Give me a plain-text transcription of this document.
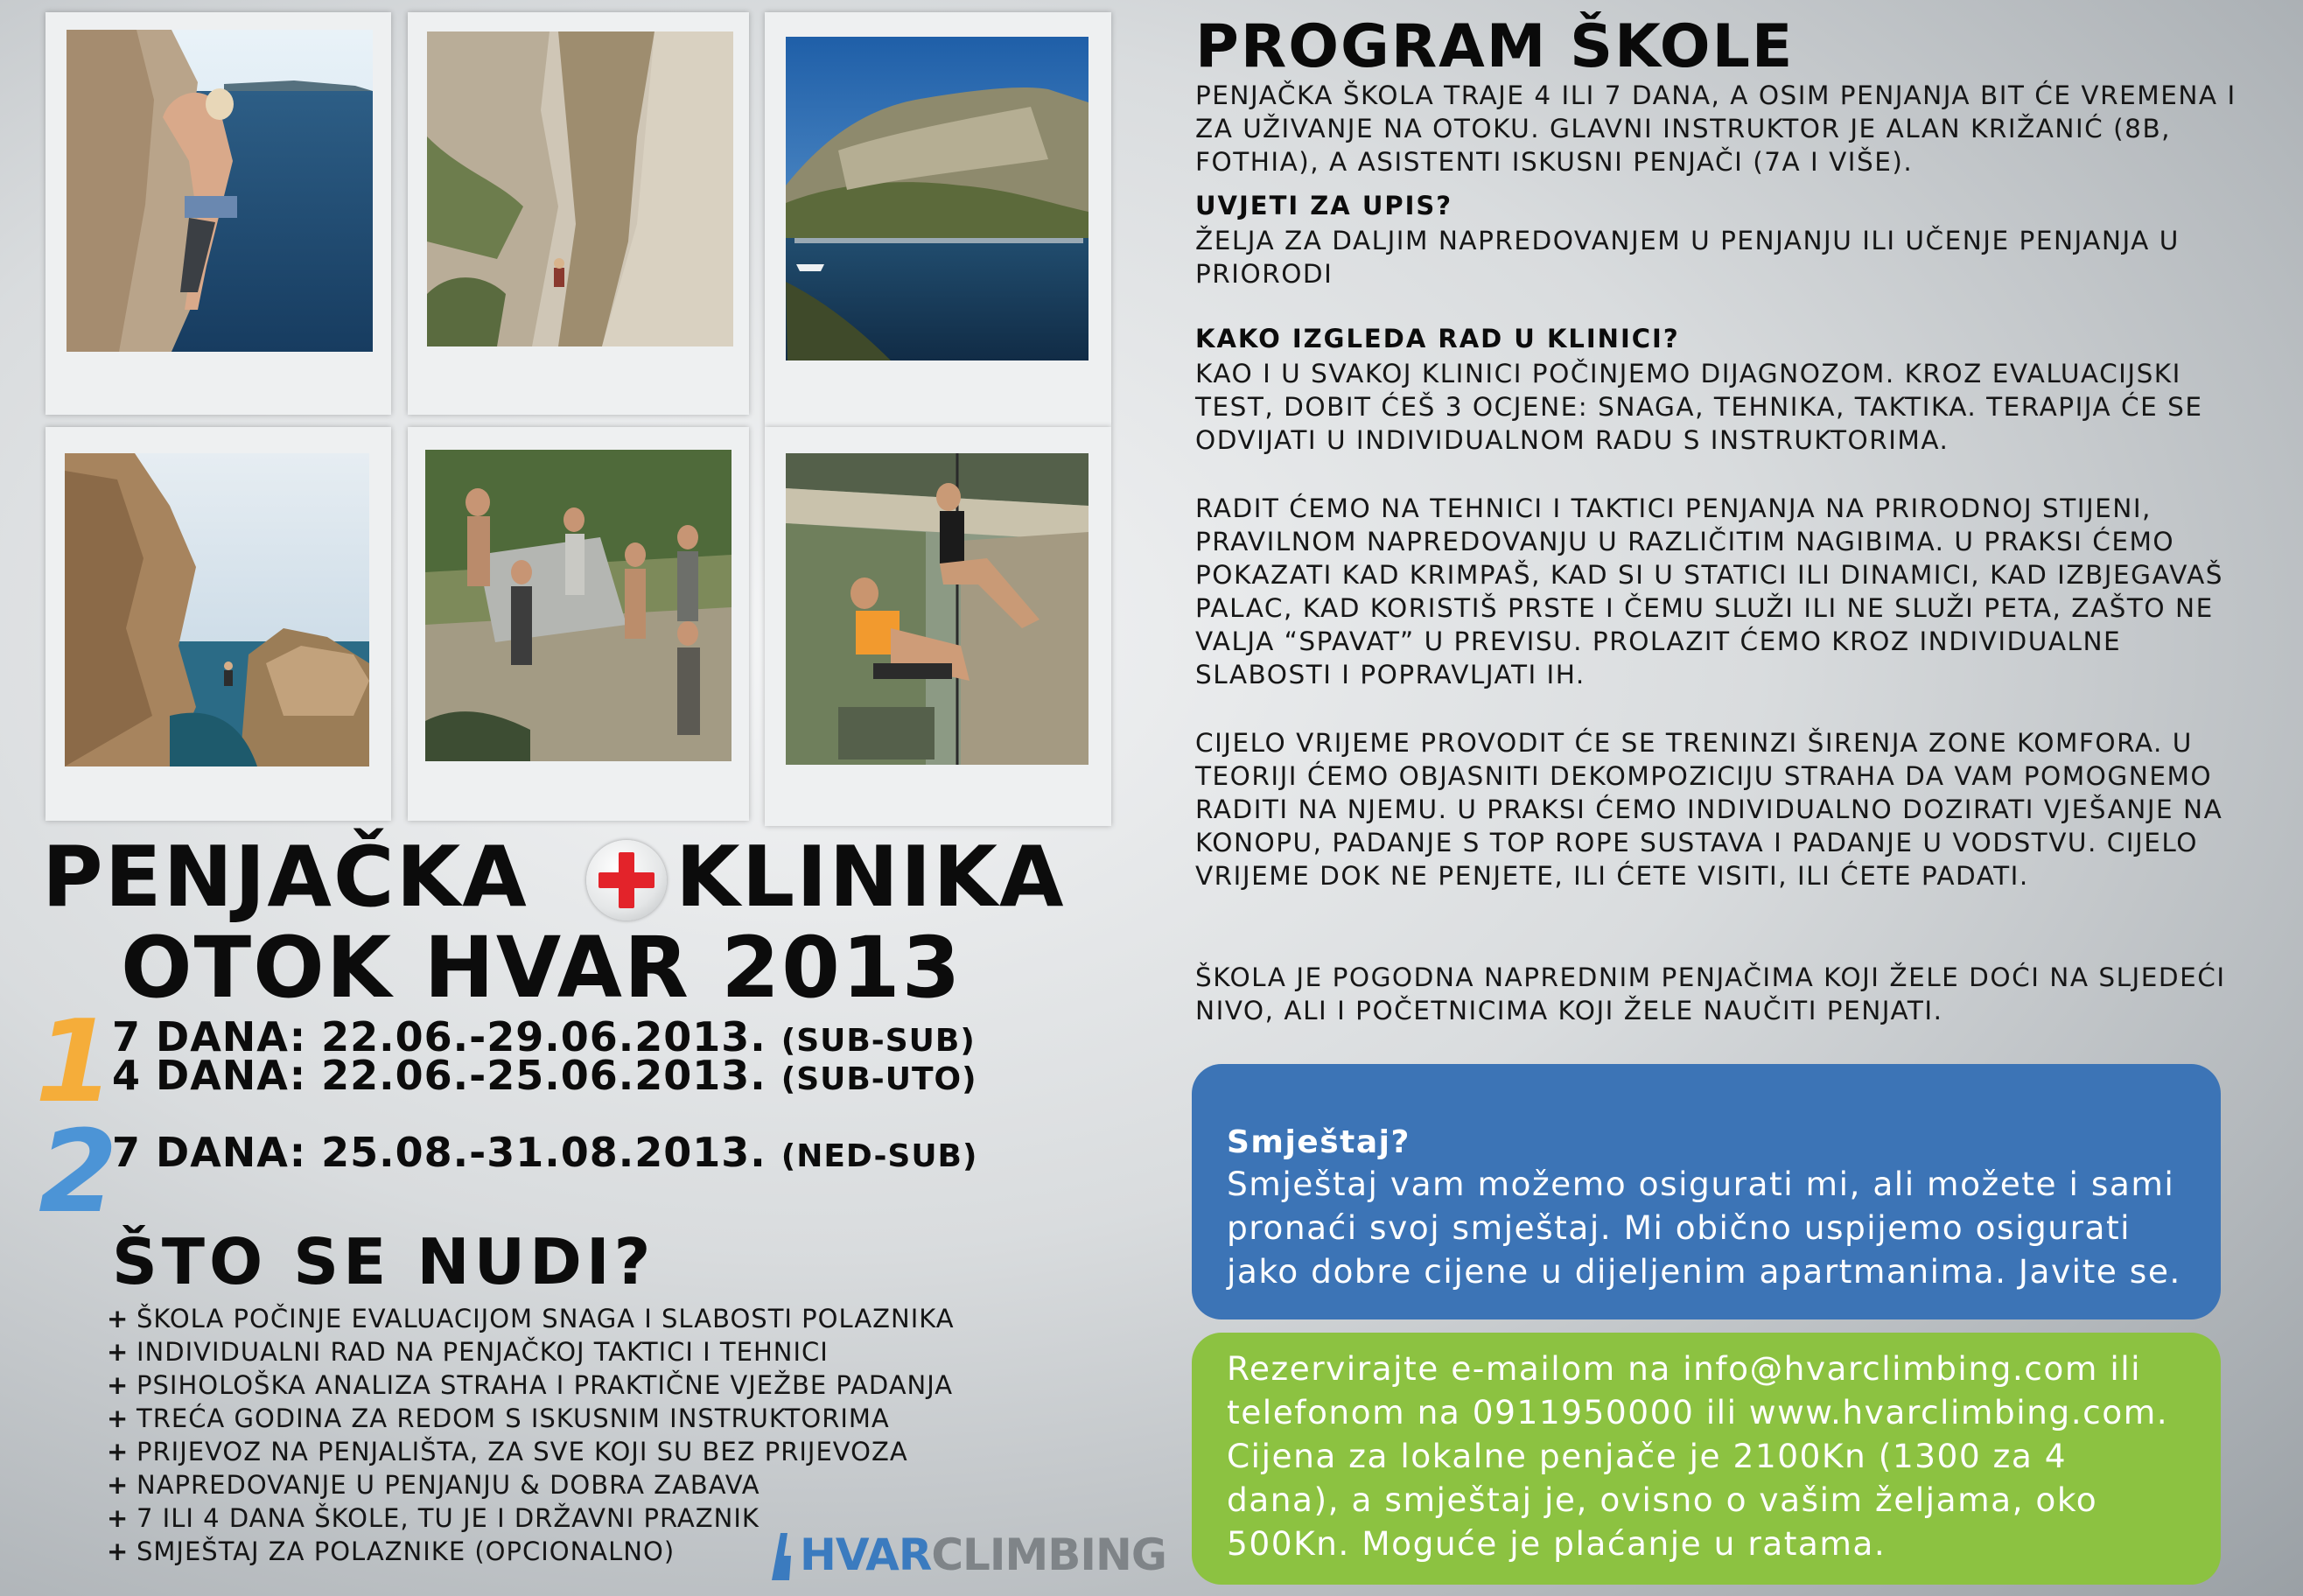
PENJAČKA KLINIKA
OTOK HVAR 2013
1
7 DANA: 22.06.-29.06.2013. (SUB-SUB)
4 DANA: 22.06.-25.06.2013. (SUB-UTO)
2
7 DANA: 25.08.-31.08.2013. (NED-SUB)
ŠTO SE NUDI?
+ ŠKOLA POČINJE EVALUACIJOM SNAGA I SLABOSTI POLAZNIKA
+ INDIVIDUALNI RAD NA PENJAČKOJ TAKTICI I TEHNICI
+ PSIHOLOŠKA ANALIZA STRAHA I PRAKTIČNE VJEŽBE PADANJA
+ TREĆA GODINA ZA REDOM S ISKUSNIM INSTRUKTORIMA
+ PRIJEVOZ NA PENJALIŠTA, ZA SVE KOJI SU BEZ PRIJEVOZA
+ NAPREDOVANJE U PENJANJU & DOBRA ZABAVA
+ 7 ILI 4 DANA ŠKOLE, TU JE I DRŽAVNI PRAZNIK
+ SMJEŠTAJ ZA POLAZNIKE (OPCIONALNO)	HVARCLIMBING
PROGRAM ŠKOLE
PENJAČKA ŠKOLA TRAJE 4 ILI 7 DANA, A OSIM PENJANJA BIT ĆE VREMENA I ZA UŽIVANJE NA OTOKU. GLAVNI INSTRUKTOR JE ALAN KRIŽANIĆ (8B, FOTHIA), A ASISTENTI ISKUSNI PENJAČI (7A I VIŠE).
UVJETI ZA UPIS?
ŽELJA ZA DALJIM NAPREDOVANJEM U PENJANJU ILI UČENJE PENJANJA U PRIORODI
KAKO IZGLEDA RAD U KLINICI?
KAO I U SVAKOJ KLINICI POČINJEMO DIJAGNOZOM. KROZ EVALUACIJSKI TEST, DOBIT ĆEŠ 3 OCJENE: SNAGA, TEHNIKA, TAKTIKA. TERAPIJA ĆE SE ODVIJATI U INDIVIDUALNOM RADU S INSTRUKTORIMA.
RADIT ĆEMO NA TEHNICI I TAKTICI PENJANJA NA PRIRODNOJ STIJENI, PRAVILNOM NAPREDOVANJU U RAZLIČITIM NAGIBIMA. U PRAKSI ĆEMO POKAZATI KAD KRIMPAŠ, KAD SI U STATICI ILI DINAMICI, KAD IZBJEGAVAŠ PALAC, KAD KORISTIŠ PRSTE I ČEMU SLUŽI ILI NE SLUŽI PETA, ZAŠTO NE VALJA “SPAVAT” U PREVISU. PROLAZIT ĆEMO KROZ INDIVIDUALNE SLABOSTI I POPRAVLJATI IH.
CIJELO VRIJEME PROVODIT ĆE SE TRENINZI ŠIRENJA ZONE KOMFORA. U TEORIJI ĆEMO OBJASNITI DEKOMPOZICIJU STRAHA DA VAM POMOGNEMO RADITI NA NJEMU. U PRAKSI ĆEMO INDIVIDUALNO DOZIRATI VJEŠANJE NA KONOPU, PADANJE S TOP ROPE SUSTAVA I PADANJE U VODSTVU. CIJELO VRIJEME DOK NE PENJETE, ILI ĆETE VISITI, ILI ĆETE PADATI.
ŠKOLA JE POGODNA NAPREDNIM PENJAČIMA KOJI ŽELE DOĆI NA SLJEDEĆI NIVO, ALI I POČETNICIMA KOJI ŽELE NAUČITI PENJATI.
Smještaj?
Smještaj vam možemo osigurati mi, ali možete i sami pronaći svoj smještaj. Mi obično uspijemo osigurati jako dobre cijene u dijeljenim apartmanima. Javite se.
Rezervirajte e-mailom na info@hvarclimbing.com ili telefonom na 0911950000 ili www.hvarclimbing.com. Cijena za lokalne penjače je 2100Kn (1300 za 4 dana), a smještaj je, ovisno o vašim željama, oko 500Kn. Moguće je plaćanje u ratama.
